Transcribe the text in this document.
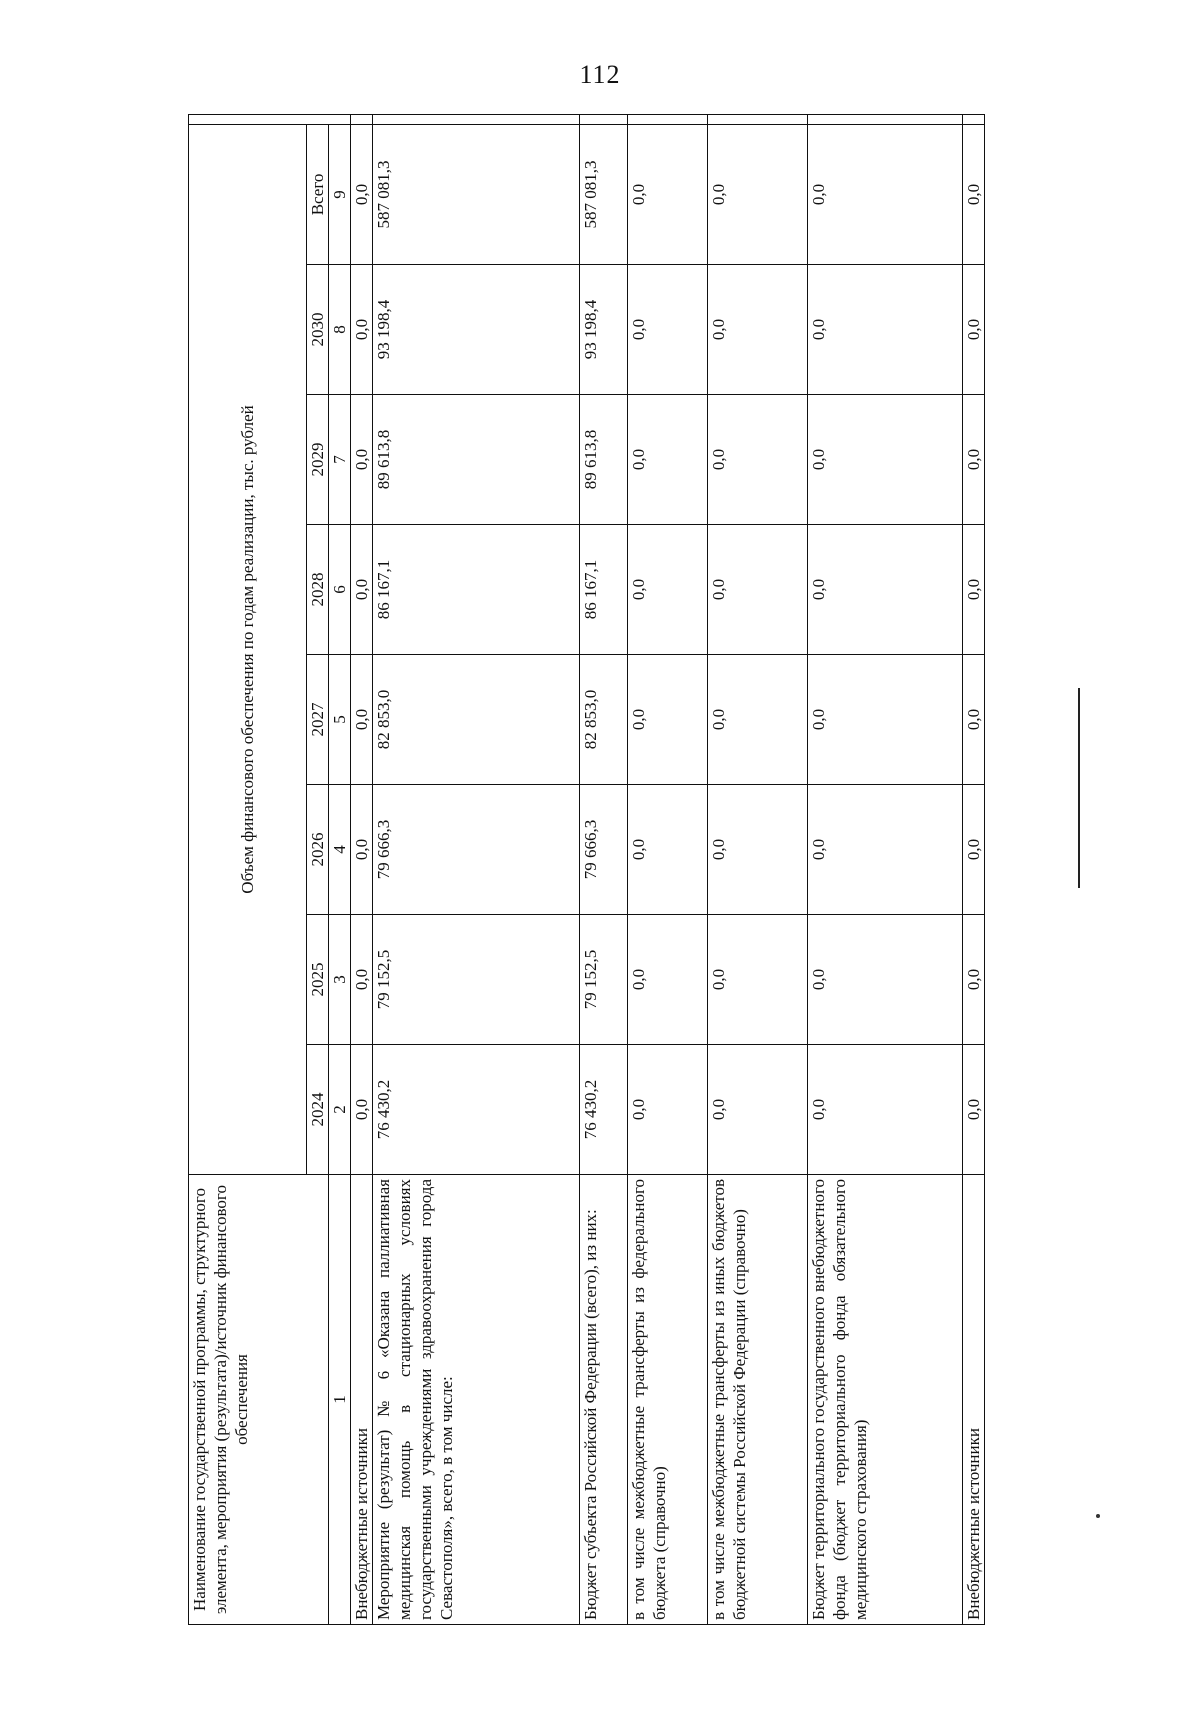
112
Наименование государственной программы, структурного элемента, мероприятия (результата)/источник финансового обеспечения	Объем финансового обеспечения по годам реализации, тыс. рублей								
	2024	2025	2026	2027	2028	2029	2030	Всего	
1	2	3	4	5	6	7	8	9	
Внебюджетные источники	0,0	0,0	0,0	0,0	0,0	0,0	0,0	0,0	
Мероприятие (результат) № 6 «Оказана паллиативная медицинская помощь в стационарных условиях государственными учреждениями здравоохранения города Севастополя», всего, в том числе:	76 430,2	79 152,5	79 666,3	82 853,0	86 167,1	89 613,8	93 198,4	587 081,3	
Бюджет субъекта Российской Федерации (всего), из них:	76 430,2	79 152,5	79 666,3	82 853,0	86 167,1	89 613,8	93 198,4	587 081,3	
в том числе межбюджетные трансферты из федерального бюджета (справочно)	0,0	0,0	0,0	0,0	0,0	0,0	0,0	0,0	
в том числе межбюджетные трансферты из иных бюджетов бюджетной системы Российской Федерации (справочно)	0,0	0,0	0,0	0,0	0,0	0,0	0,0	0,0	
Бюджет территориального государственного внебюджетного фонда (бюджет территориального фонда обязательного медицинского страхования)	0,0	0,0	0,0	0,0	0,0	0,0	0,0	0,0	
Внебюджетные источники	0,0	0,0	0,0	0,0	0,0	0,0	0,0	0,0	
